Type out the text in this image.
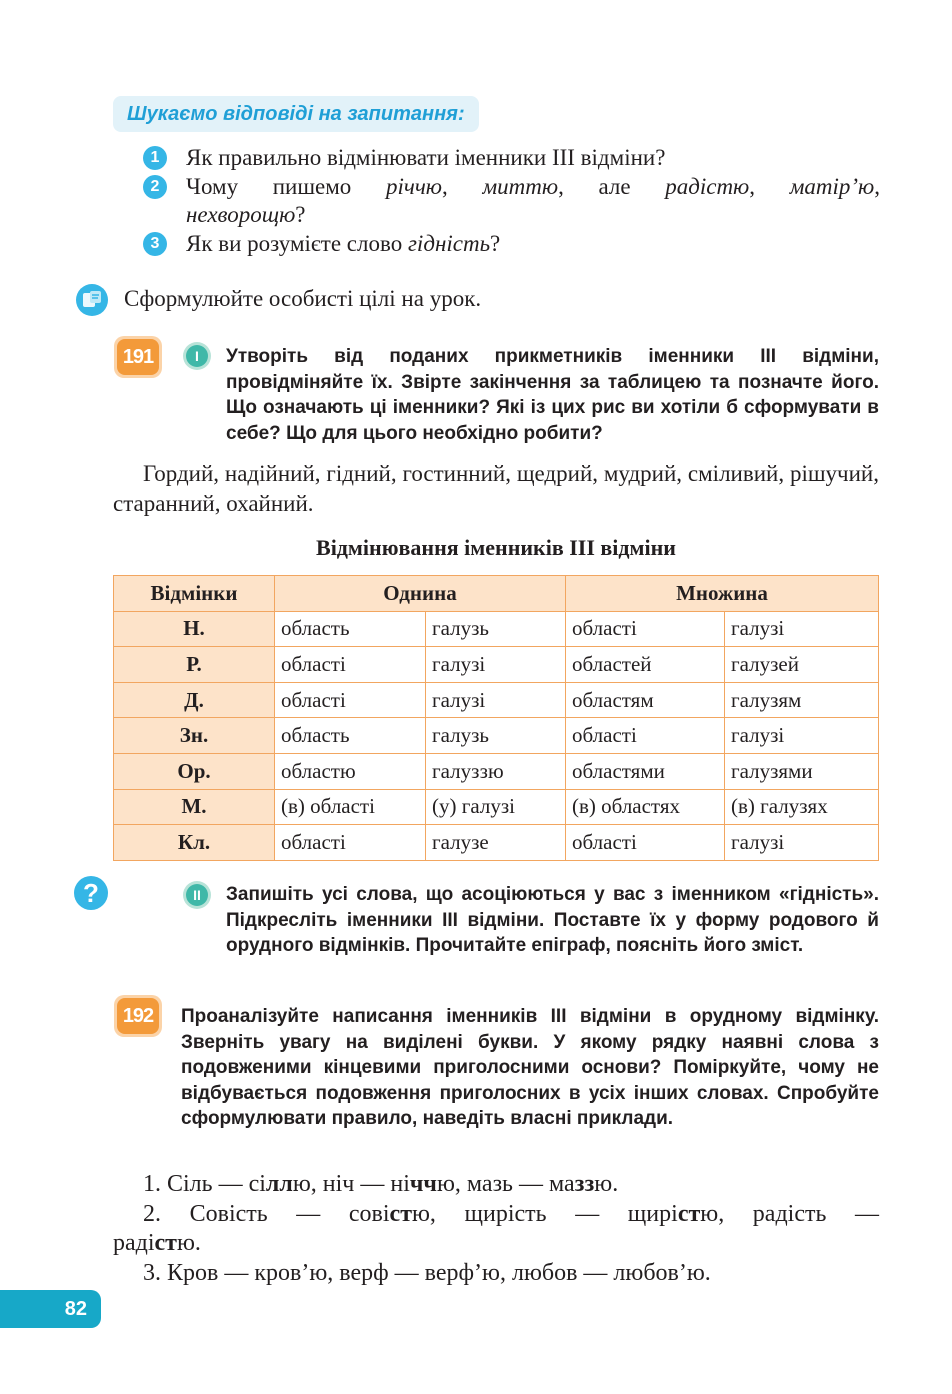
Шукаємо відповіді на запитання:
1	Як правильно відмінювати іменники ІІІ відміни?
2	Чому пишемо річчю, миттю, але радістю, матір’ю,
нехворощю?
3	Як ви розумієте слово гідність?
Сформулюйте особисті цілі на урок.
191	I	Утворіть від поданих прикметників іменники ІІІ відміни, провідміняйте їх. Звірте закінчення за таблицею та позначте його. Що означають ці іменники? Які із цих рис ви хотіли б сформувати в себе? Що для цього необхідно робити?
Гордий, надійний, гідний, гостинний, щедрий, мудрий, сміливий, рішучий, старанний, охайний.
Відмінювання іменників ІІІ відміни
Відмінки	Однина		Множина	
Н.	область	галузь	області	галузі
Р.	області	галузі	областей	галузей
Д.	області	галузі	областям	галузям
Зн.	область	галузь	області	галузі
Ор.	областю	галуззю	областями	галузями
М.	(в) області	(у) галузі	(в) областях	(в) галузях
Кл.	області	галузе	області	галузі
?	II	Запишіть усі слова, що асоціюються у вас з іменником «гідність». Підкресліть іменники ІІІ відміни. Поставте їх у форму родового й орудного відмінків. Прочитайте епіграф, поясніть його зміст.
192	Проаналізуйте написання іменників ІІІ відміни в орудному відмінку. Зверніть увагу на виділені букви. У якому рядку наявні слова з подовженими кінцевими приголосними основи? Поміркуйте, чому не відбувається подовження приголосних в усіх інших словах. Спробуйте сформулювати правило, наведіть власні приклади.
1. Сіль — сіллю, ніч — ніччю, мазь — маззю.
2. Совість — совістю, щирість — щирістю, радість —
радістю.
3. Кров — кров’ю, верф — верф’ю, любов — любов’ю.
82
